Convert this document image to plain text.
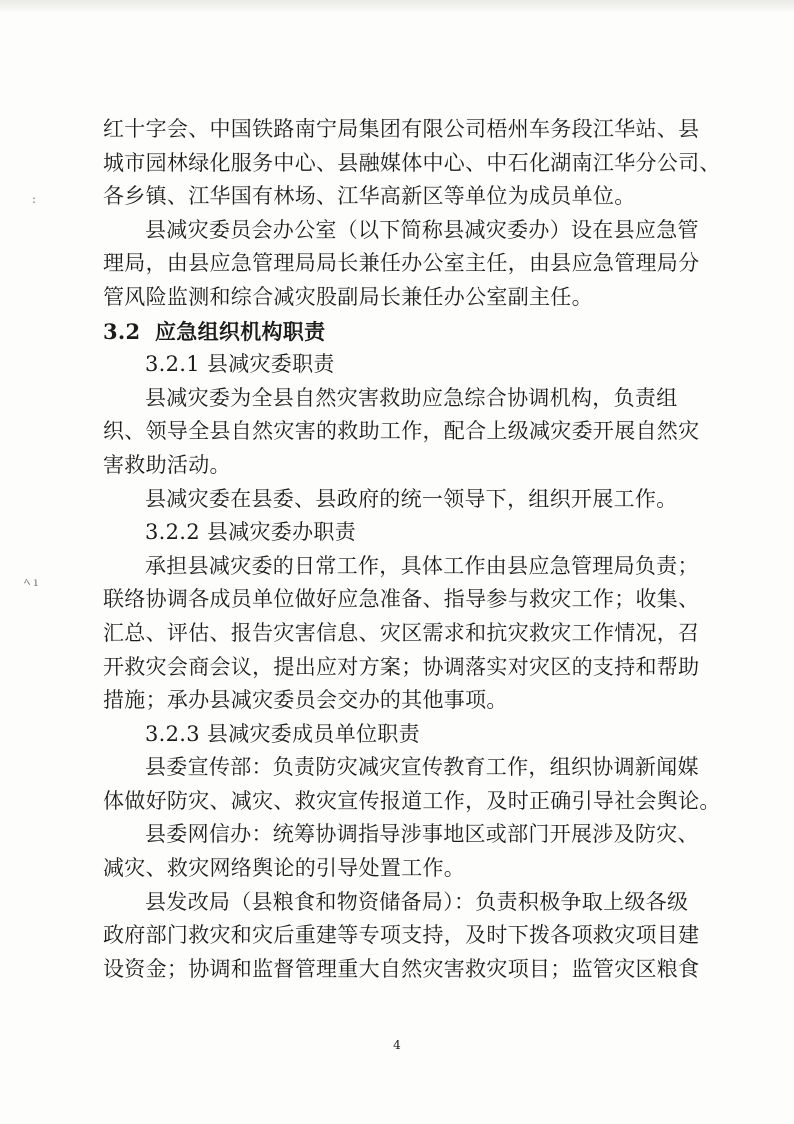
:
ﾍ ı
红十字会、中国铁路南宁局集团有限公司梧州车务段江华站、县
城市园林绿化服务中心、县融媒体中心、中石化湖南江华分公司、
各乡镇、江华国有林场、江华高新区等单位为成员单位。
县减灾委员会办公室（以下简称县减灾委办）设在县应急管
理局，由县应急管理局局长兼任办公室主任，由县应急管理局分
管风险监测和综合减灾股副局长兼任办公室副主任。
3.2 应急组织机构职责
3.2.1 县减灾委职责
县减灾委为全县自然灾害救助应急综合协调机构，负责组
织、领导全县自然灾害的救助工作，配合上级减灾委开展自然灾
害救助活动。
县减灾委在县委、县政府的统一领导下，组织开展工作。
3.2.2 县减灾委办职责
承担县减灾委的日常工作，具体工作由县应急管理局负责；
联络协调各成员单位做好应急准备、指导参与救灾工作；收集、
汇总、评估、报告灾害信息、灾区需求和抗灾救灾工作情况，召
开救灾会商会议，提出应对方案；协调落实对灾区的支持和帮助
措施；承办县减灾委员会交办的其他事项。
3.2.3 县减灾委成员单位职责
县委宣传部：负责防灾减灾宣传教育工作，组织协调新闻媒
体做好防灾、减灾、救灾宣传报道工作，及时正确引导社会舆论。
县委网信办：统筹协调指导涉事地区或部门开展涉及防灾、
减灾、救灾网络舆论的引导处置工作。
县发改局（县粮食和物资储备局）：负责积极争取上级各级
政府部门救灾和灾后重建等专项支持，及时下拨各项救灾项目建
设资金；协调和监督管理重大自然灾害救灾项目；监管灾区粮食
4
